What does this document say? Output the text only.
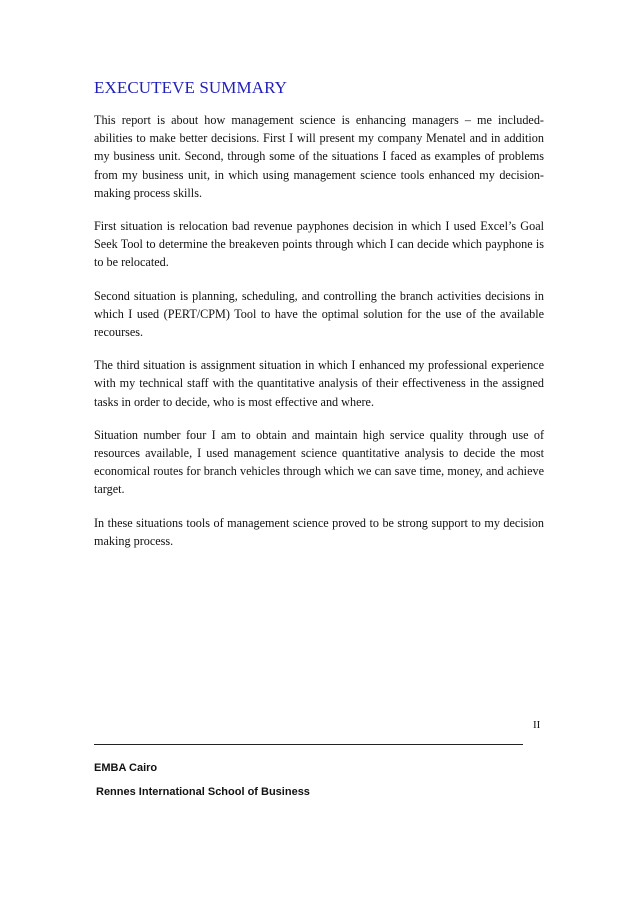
EXECUTEVE SUMMARY

This report is about how management science is enhancing managers – me included- abilities to make better decisions. First I will present my company Menatel and in addition my business unit. Second, through some of the situations I faced as examples of problems from my business unit, in which using management science tools enhanced my decision-making process skills.

First situation is relocation bad revenue payphones decision in which I used Excel’s Goal Seek Tool to determine the breakeven points through which I can decide which payphone is to be relocated.

Second situation is planning, scheduling, and controlling the branch activities decisions in which I used (PERT/CPM) Tool to have the optimal solution for the use of the available recourses.

The third situation is assignment situation in which I enhanced my professional experience with my technical staff with the quantitative analysis of their effectiveness in the assigned tasks in order to decide, who is most effective and where.

Situation number four I am to obtain and maintain high service quality through use of resources available, I used management science quantitative analysis to decide the most economical routes for branch vehicles through which we can save time, money, and achieve target.

In these situations tools of management science proved to be strong support to my decision making process.

II
EMBA Cairo
Rennes International School of Business
